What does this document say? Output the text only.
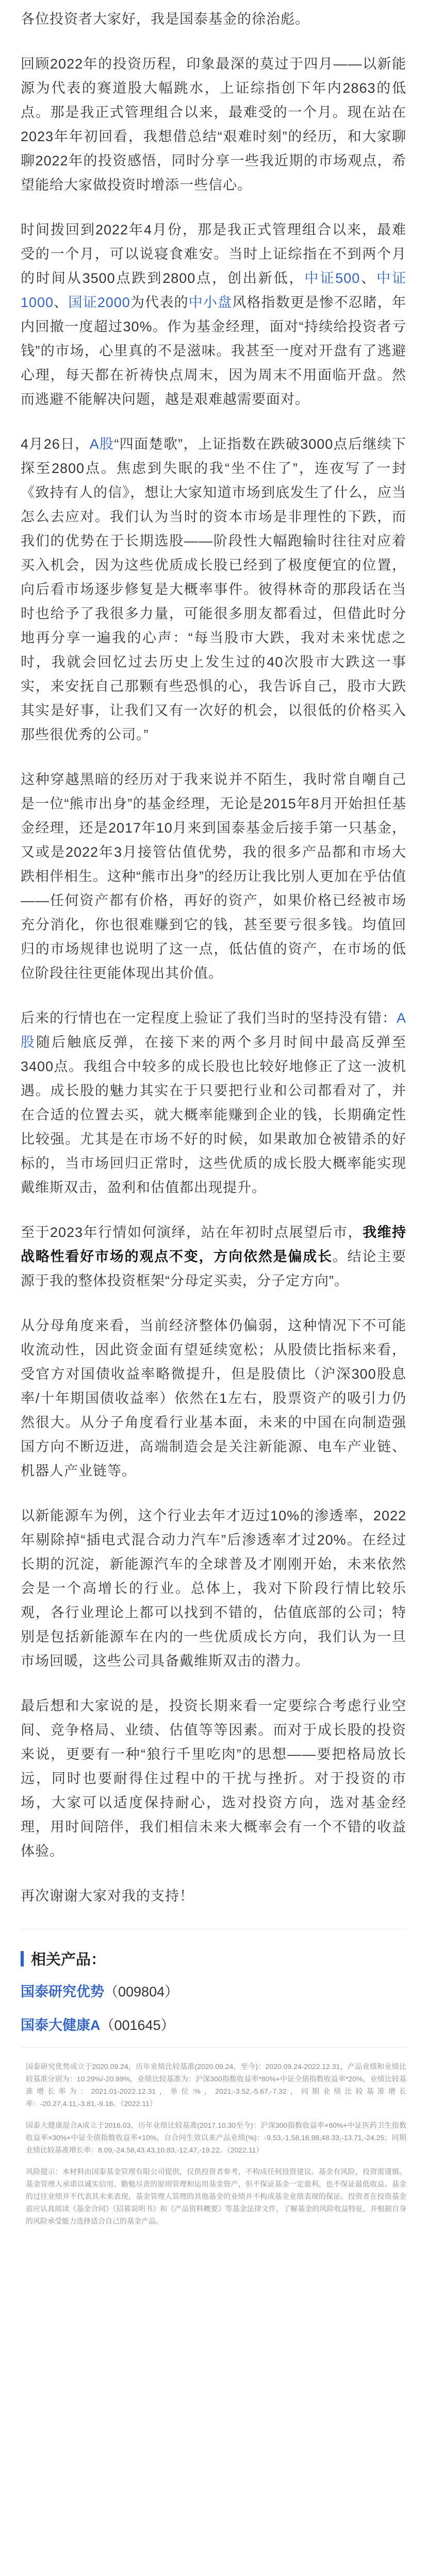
各位投资者大家好，我是国泰基金的徐治彪。

回顾2022年的投资历程，印象最深的莫过于四月——以新能源为代表的赛道股大幅跳水，上证综指创下年内2863的低点。那是我正式管理组合以来，最难受的一个月。现在站在2023年年初回看，我想借总结“艰难时刻”的经历，和大家聊聊2022年的投资感悟，同时分享一些我近期的市场观点，希望能给大家做投资时增添一些信心。

时间拨回到2022年4月份，那是我正式管理组合以来，最难受的一个月，可以说寝食难安。当时上证综指在不到两个月的时间从3500点跌到2800点，创出新低，中证500、中证1000、国证2000为代表的中小盘风格指数更是惨不忍睹，年内回撤一度超过30%。作为基金经理，面对“持续给投资者亏钱”的市场，心里真的不是滋味。我甚至一度对开盘有了逃避心理，每天都在祈祷快点周末，因为周末不用面临开盘。然而逃避不能解决问题，越是艰难越需要面对。

4月26日，A股“四面楚歌”，上证指数在跌破3000点后继续下探至2800点。焦虑到失眠的我“坐不住了”，连夜写了一封《致持有人的信》，想让大家知道市场到底发生了什么，应当怎么去应对。我们认为当时的资本市场是非理性的下跌，而我们的优势在于长期选股——阶段性大幅跑输时往往对应着买入机会，因为这些优质成长股已经到了极度便宜的位置，向后看市场逐步修复是大概率事件。彼得林奇的那段话在当时也给予了我很多力量，可能很多朋友都看过，但借此时分地再分享一遍我的心声：“每当股市大跌，我对未来忧虑之时，我就会回忆过去历史上发生过的40次股市大跌这一事实，来安抚自己那颗有些恐惧的心，我告诉自己，股市大跌其实是好事，让我们又有一次好的机会，以很低的价格买入那些很优秀的公司。”

这种穿越黑暗的经历对于我来说并不陌生，我时常自嘲自己是一位“熊市出身”的基金经理，无论是2015年8月开始担任基金经理，还是2017年10月来到国泰基金后接手第一只基金，又或是2022年3月接管估值优势，我的很多产品都和市场大跌相伴相生。这种“熊市出身”的经历让我比别人更加在乎估值——任何资产都有价格，再好的资产，如果价格已经被市场充分消化，你也很难赚到它的钱，甚至要亏很多钱。均值回归的市场规律也说明了这一点，低估值的资产，在市场的低位阶段往往更能体现出其价值。

后来的行情也在一定程度上验证了我们当时的坚持没有错：A股随后触底反弹，在接下来的两个多月时间中最高反弹至3400点。我组合中较多的成长股也比较好地修正了这一波机遇。成长股的魅力其实在于只要把行业和公司都看对了，并在合适的位置去买，就大概率能赚到企业的钱，长期确定性比较强。尤其是在市场不好的时候，如果敢加仓被错杀的好标的，当市场回归正常时，这些优质的成长股大概率能实现戴维斯双击，盈利和估值都出现提升。

至于2023年行情如何演绎，站在年初时点展望后市，我维持战略性看好市场的观点不变，方向依然是偏成长。结论主要源于我的整体投资框架“分母定买卖，分子定方向”。

从分母角度来看，当前经济整体仍偏弱，这种情况下不可能收流动性，因此资金面有望延续宽松；从股债比指标来看，受官方对国债收益率略微提升，但是股债比（沪深300股息率/十年期国债收益率）依然在1左右，股票资产的吸引力仍然很大。从分子角度看行业基本面，未来的中国在向制造强国方向不断迈进，高端制造会是关注新能源、电车产业链、机器人产业链等。

以新能源车为例，这个行业去年才迈过10%的渗透率，2022年剔除掉“插电式混合动力汽车”后渗透率才过20%。在经过长期的沉淀，新能源汽车的全球普及才刚刚开始，未来依然会是一个高增长的行业。总体上，我对下阶段行情比较乐观，各行业理论上都可以找到不错的，估值底部的公司；特别是包括新能源车在内的一些优质成长方向，我们认为一旦市场回暖，这些公司具备戴维斯双击的潜力。

最后想和大家说的是，投资长期来看一定要综合考虑行业空间、竞争格局、业绩、估值等等因素。而对于成长股的投资来说，更要有一种“狼行千里吃肉”的思想——要把格局放长远，同时也要耐得住过程中的干扰与挫折。对于投资的市场，大家可以适度保持耐心，选对投资方向，选对基金经理，用时间陪伴，我们相信未来大概率会有一个不错的收益体验。

再次谢谢大家对我的支持！

相关产品：
国泰研究优势（009804）
国泰大健康A（001645）

国泰研究优势成立于2020.09.24，历年业绩比较基准(2020.09.24，至今)：2020.09.24-2022.12.31，产品业绩和业绩比较基准分别为：10.29%/-20.99%，业绩比较基准为：沪深300指数收益率*80%+中证全债指数收益率*20%，业绩比较基准增长率为：2021.01-2022.12.31，单位:%，2021:-3.52,-5.67,-7.32，同期业绩比较基准增长率：-20.27,4.11,-3.81,-9.16。（2022.11）

国泰大健康混合A成立于2016.03，历年业绩比较基准(2017.10.30至今)：沪深300指数收益率×60%+中证医药卫生指数收益率×30%+中证全债指数收益率×10%，自合同生效以来产品业绩(%)：-9.53,-1.58,16.98,48.33,-13.71,-24.25；同期业绩比较基准增长率：8.09,-24.58,43.43,10.83,-12.47,-19.22。（2022.11）

风险提示：本材料由国泰基金管理有限公司提供，仅供投资者参考，不构成任何投资建议。基金有风险，投资需谨慎。基金管理人承诺以诚实信用、勤勉尽责的原则管理和运用基金资产，但不保证基金一定盈利，也不保证最低收益。基金的过往业绩并不代表其未来表现，基金管理人管理的其他基金的业绩并不构成基金业绩表现的保证。投资者在投资基金前应认真阅读《基金合同》《招募说明书》和《产品资料概要》等基金法律文件，了解基金的风险收益特征，并根据自身的风险承受能力选择适合自己的基金产品。
